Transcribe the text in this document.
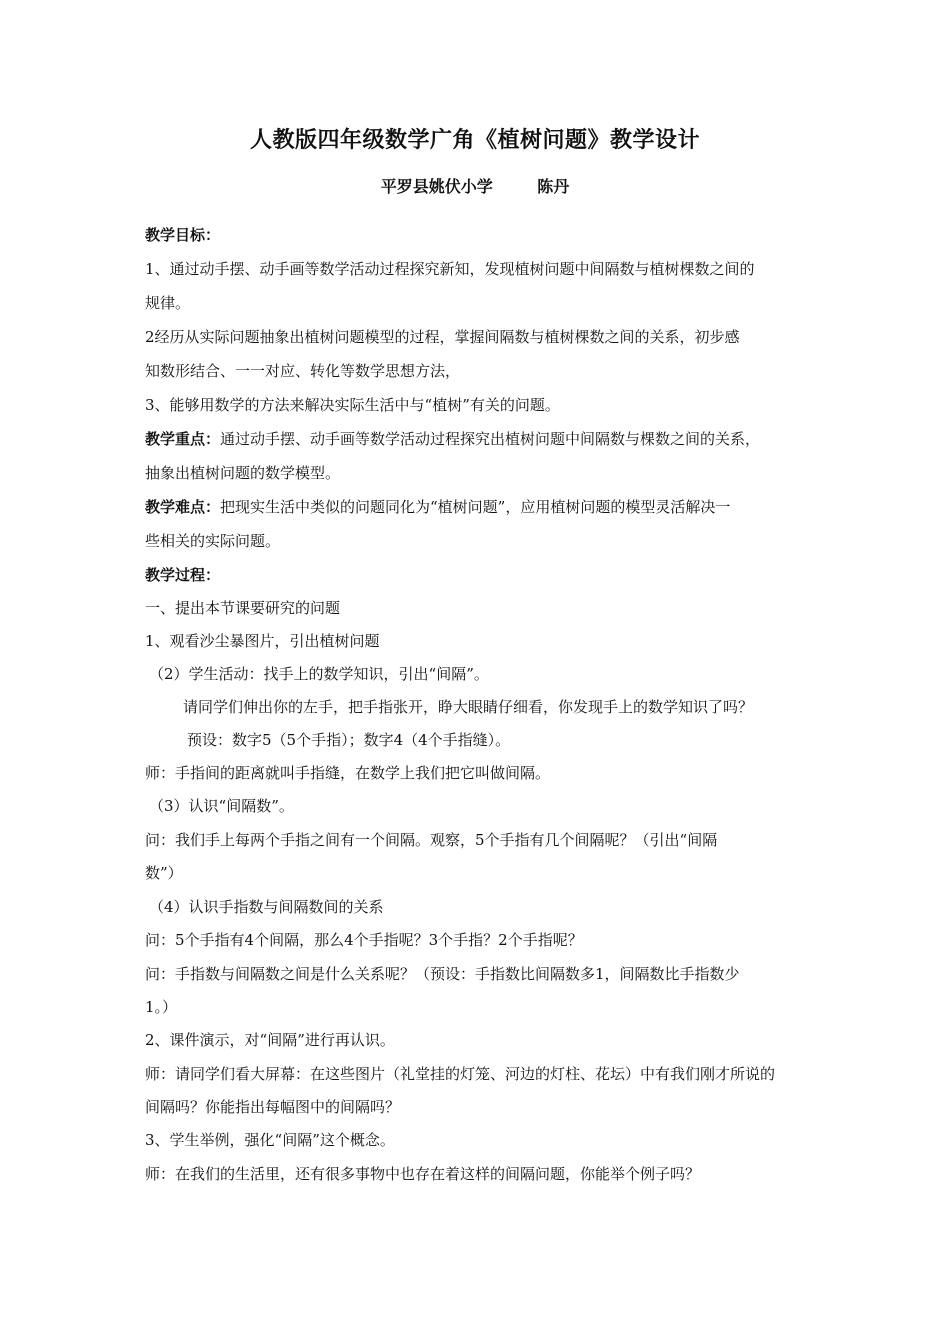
人教版四年级数学广角《植树问题》教学设计
平罗县姚伏小学        陈丹
教学目标：
1、通过动手摆、动手画等数学活动过程探究新知，发现植树问题中间隔数与植树棵数之间的
规律。
2经历从实际问题抽象出植树问题模型的过程，掌握间隔数与植树棵数之间的关系，初步感
知数形结合、一一对应、转化等数学思想方法，
3、能够用数学的方法来解决实际生活中与“植树”有关的问题。
教学重点：通过动手摆、动手画等数学活动过程探究出植树问题中间隔数与棵数之间的关系，
抽象出植树问题的数学模型。
教学难点：把现实生活中类似的问题同化为“植树问题”，应用植树问题的模型灵活解决一
些相关的实际问题。
教学过程：
一、提出本节课要研究的问题
1、观看沙尘暴图片，引出植树问题
（2）学生活动：找手上的数学知识，引出“间隔”。
请同学们伸出你的左手，把手指张开，睁大眼睛仔细看，你发现手上的数学知识了吗？
预设：数字5（5个手指）；数字4（4个手指缝）。
师：手指间的距离就叫手指缝，在数学上我们把它叫做间隔。
（3）认识“间隔数”。
问：我们手上每两个手指之间有一个间隔。观察，5个手指有几个间隔呢？（引出“间隔
数”）
（4）认识手指数与间隔数间的关系
问：5个手指有4个间隔，那么4个手指呢？3个手指？2个手指呢？
问：手指数与间隔数之间是什么关系呢？（预设：手指数比间隔数多1，间隔数比手指数少
1。）
2、课件演示，对“间隔”进行再认识。
师：请同学们看大屏幕：在这些图片（礼堂挂的灯笼、河边的灯柱、花坛）中有我们刚才所说的
间隔吗？你能指出每幅图中的间隔吗？
3、学生举例，强化“间隔”这个概念。
师：在我们的生活里，还有很多事物中也存在着这样的间隔问题，你能举个例子吗？
